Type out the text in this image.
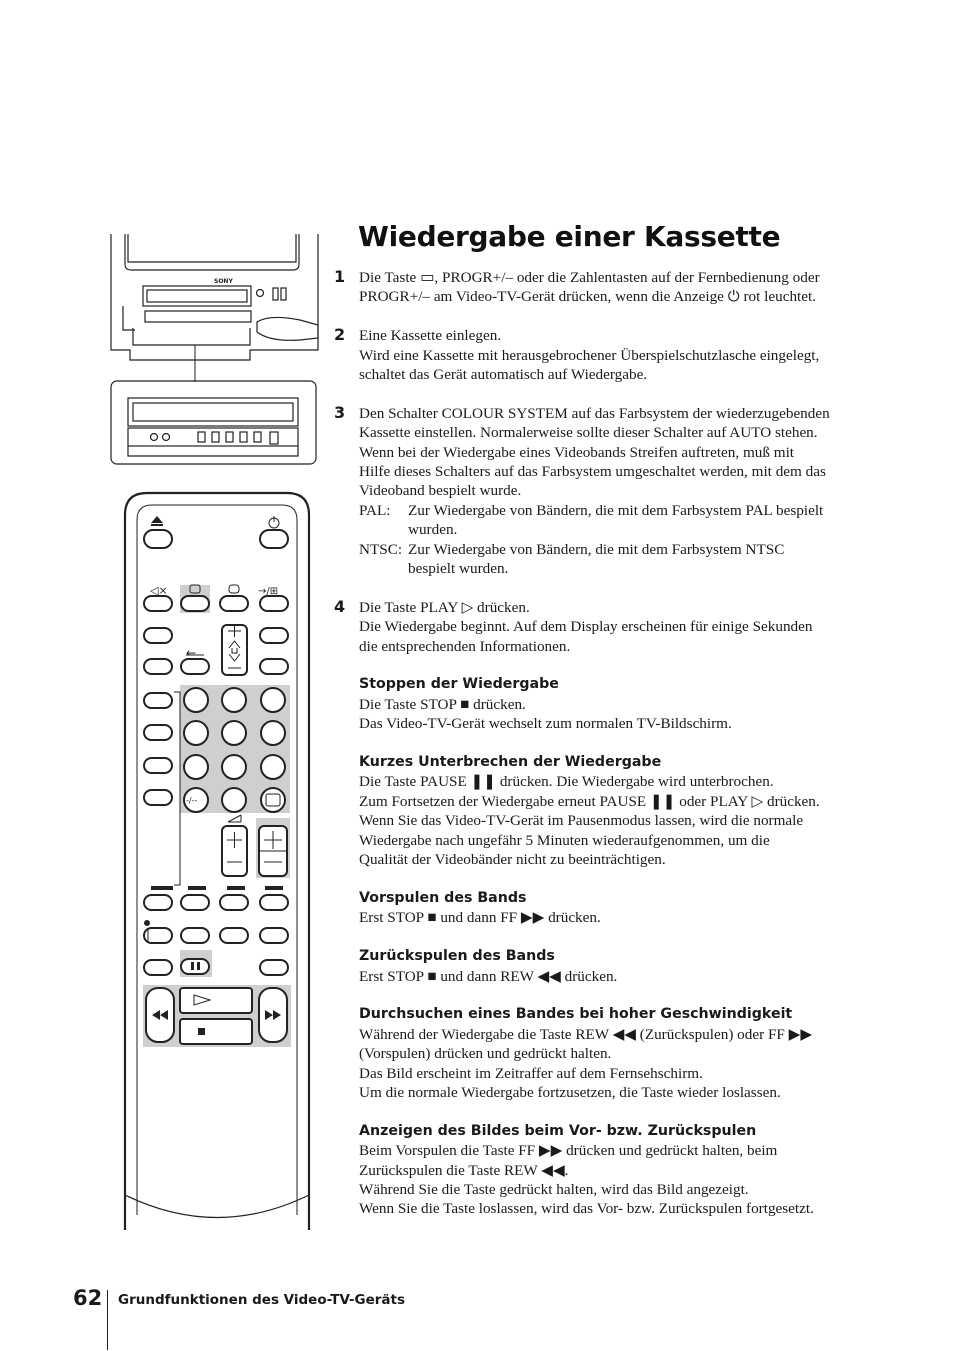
SONY
→/⊞
-/--
←
◁×
Wiedergabe einer Kassette
1 Die Taste ▭, PROGR+/– oder die Zahlentasten auf der Fernbedienung oder
PROGR+/– am Video-TV-Gerät drücken, wenn die Anzeige ⏻ rot leuchtet.
2 Eine Kassette einlegen.
Wird eine Kassette mit herausgebrochener Überspielschutzlasche eingelegt,
schaltet das Gerät automatisch auf Wiedergabe.
3 Den Schalter COLOUR SYSTEM auf das Farbsystem der wiederzugebenden
Kassette einstellen. Normalerweise sollte dieser Schalter auf AUTO stehen.
Wenn bei der Wiedergabe eines Videobands Streifen auftreten, muß mit
Hilfe dieses Schalters auf das Farbsystem umgeschaltet werden, mit dem das
Videoband bespielt wurde.
PAL:	Zur Wiedergabe von Bändern, die mit dem Farbsystem PAL bespielt
wurden.
NTSC: Zur Wiedergabe von Bändern, die mit dem Farbsystem NTSC
bespielt wurden.
4 Die Taste PLAY ▷ drücken.
Die Wiedergabe beginnt. Auf dem Display erscheinen für einige Sekunden
die entsprechenden Informationen.
Stoppen der Wiedergabe
Die Taste STOP ■ drücken.
Das Video-TV-Gerät wechselt zum normalen TV-Bildschirm.
Kurzes Unterbrechen der Wiedergabe
Die Taste PAUSE ❚❚ drücken. Die Wiedergabe wird unterbrochen.
Zum Fortsetzen der Wiedergabe erneut PAUSE ❚❚ oder PLAY ▷ drücken.
Wenn Sie das Video-TV-Gerät im Pausenmodus lassen, wird die normale
Wiedergabe nach ungefähr 5 Minuten wiederaufgenommen, um die
Qualität der Videobänder nicht zu beeinträchtigen.
Vorspulen des Bands
Erst STOP ■ und dann FF ▶▶ drücken.
Zurückspulen des Bands
Erst STOP ■ und dann REW ◀◀ drücken.
Durchsuchen eines Bandes bei hoher Geschwindigkeit
Während der Wiedergabe die Taste REW ◀◀ (Zurückspulen) oder FF ▶▶
(Vorspulen) drücken und gedrückt halten.
Das Bild erscheint im Zeitraffer auf dem Fernsehschirm.
Um die normale Wiedergabe fortzusetzen, die Taste wieder loslassen.
Anzeigen des Bildes beim Vor- bzw. Zurückspulen
Beim Vorspulen die Taste FF ▶▶ drücken und gedrückt halten, beim
Zurückspulen die Taste REW ◀◀.
Während Sie die Taste gedrückt halten, wird das Bild angezeigt.
Wenn Sie die Taste loslassen, wird das Vor- bzw. Zurückspulen fortgesetzt.
62 Grundfunktionen des Video-TV-Geräts
